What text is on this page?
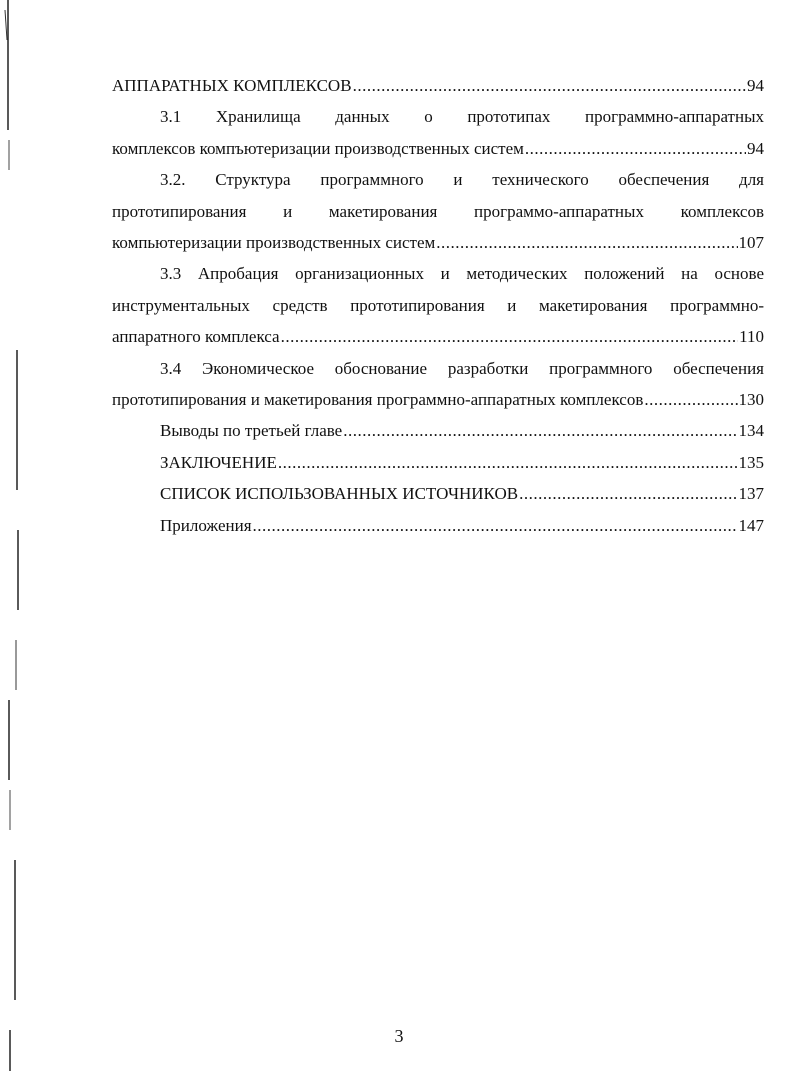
АППАРАТНЫХ КОМПЛЕКСОВ .....	94
3.1 Хранилища данных о прототипах программно-аппаратных
комплексов компъютеризации производственных систем .....	94
3.2. Структура программного и технического обеспечения для
прототипирования и макетирования программо-аппаратных комплексов
компьютеризации производственных систем .....	107
3.3 Апробация организационных и методических положений на основе
инструментальных средств прототипирования и макетирования программно-
аппаратного комплекса .....	110
3.4 Экономическое обоснование разработки программного обеспечения
прототипирования и макетирования программно-аппаратных комплексов .....	130
Выводы по третьей главе .....	134
ЗАКЛЮЧЕНИЕ .....	135
СПИСОК ИСПОЛЬЗОВАННЫХ ИСТОЧНИКОВ .....	137
Приложения .....	147
3
